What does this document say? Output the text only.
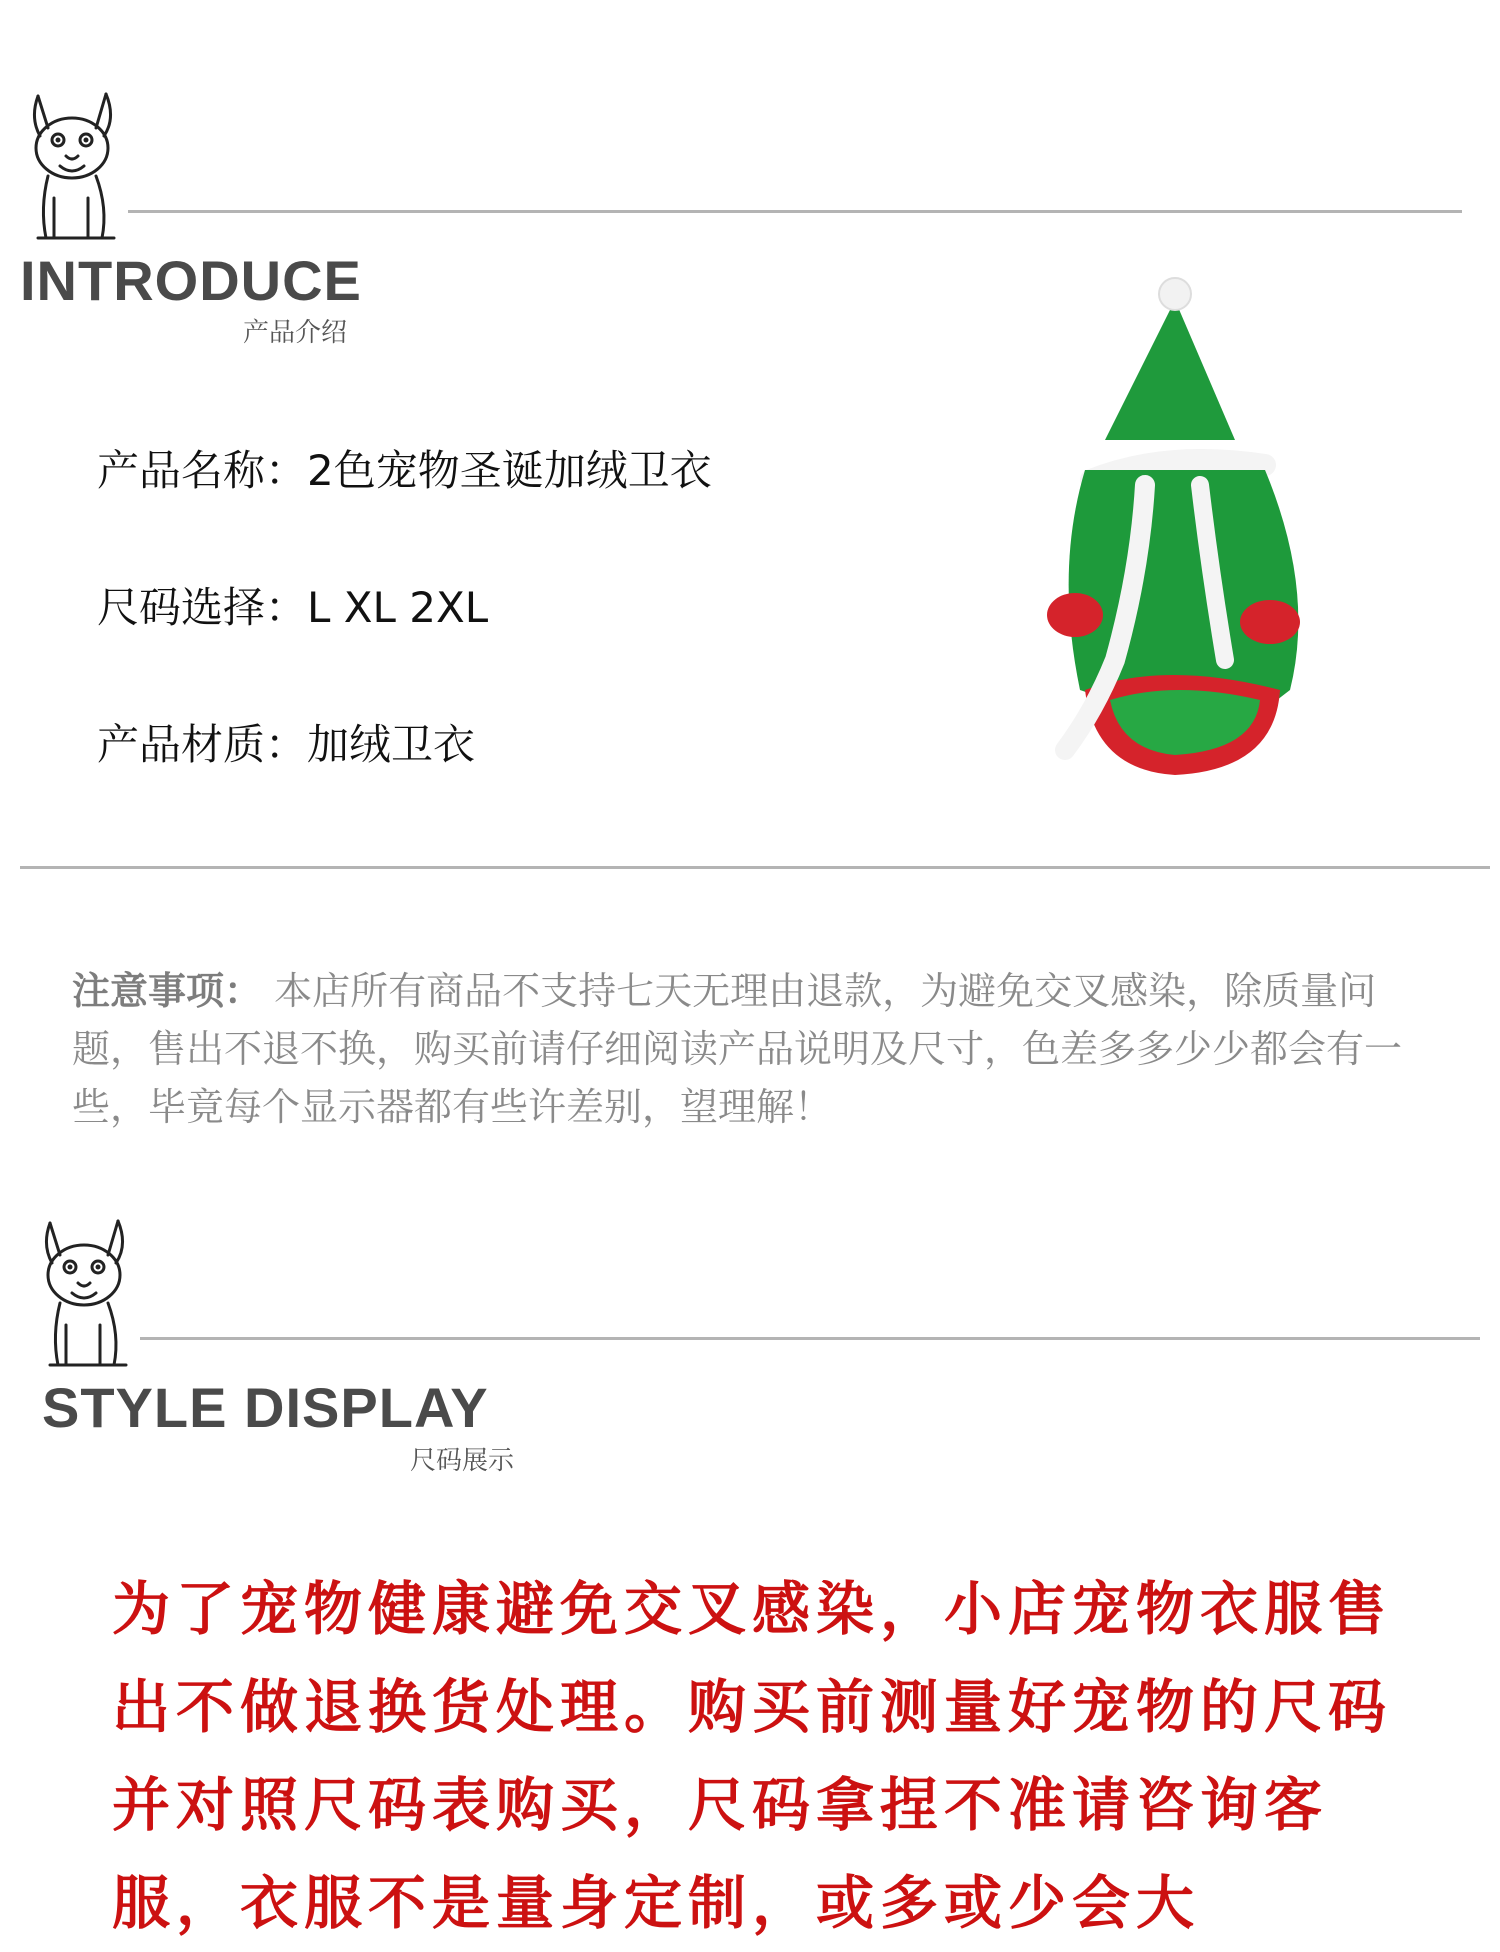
INTRODUCE
产品介绍
产品名称：2色宠物圣诞加绒卫衣
尺码选择：L XL 2XL
产品材质：加绒卫衣
注意事项： 本店所有商品不支持七天无理由退款，为避免交叉感染，除质量问题，售出不退不换，购买前请仔细阅读产品说明及尺寸，色差多多少少都会有一些，毕竟每个显示器都有些许差别，望理解！
STYLE DISPLAY
尺码展示
为了宠物健康避免交叉感染，小店宠物衣服售出不做退换货处理。购买前测量好宠物的尺码并对照尺码表购买，尺码拿捏不准请咨询客服，衣服不是量身定制，或多或少会大
